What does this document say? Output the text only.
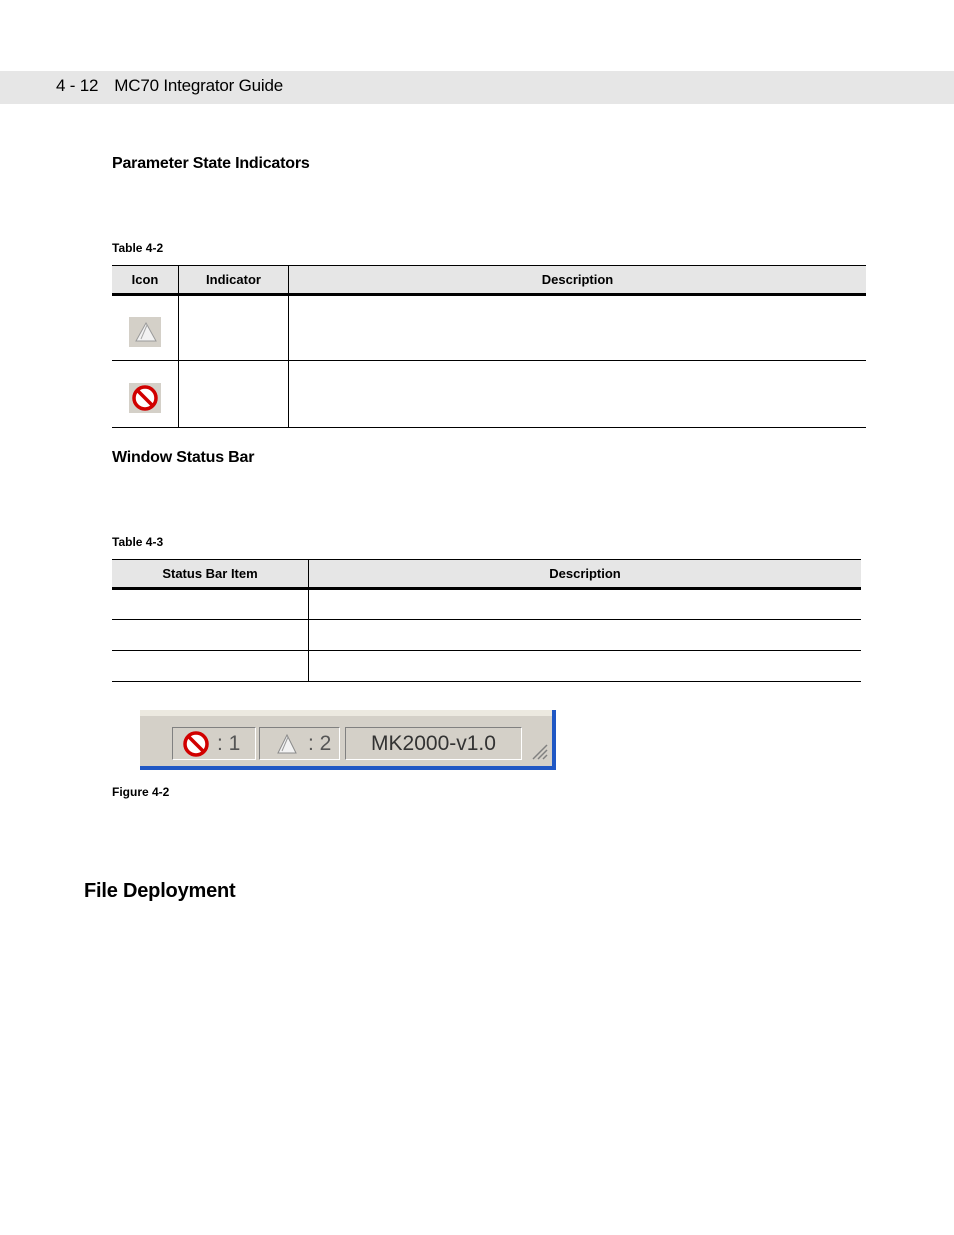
4 - 12 MC70 Integrator Guide
Parameter State Indicators
Table 4-2
Icon	Indicator	Description

Window Status Bar
Table 4-3
Status Bar Item	Description

: 1	: 2 MK2000-v1.0
Figure 4-2
File Deployment
